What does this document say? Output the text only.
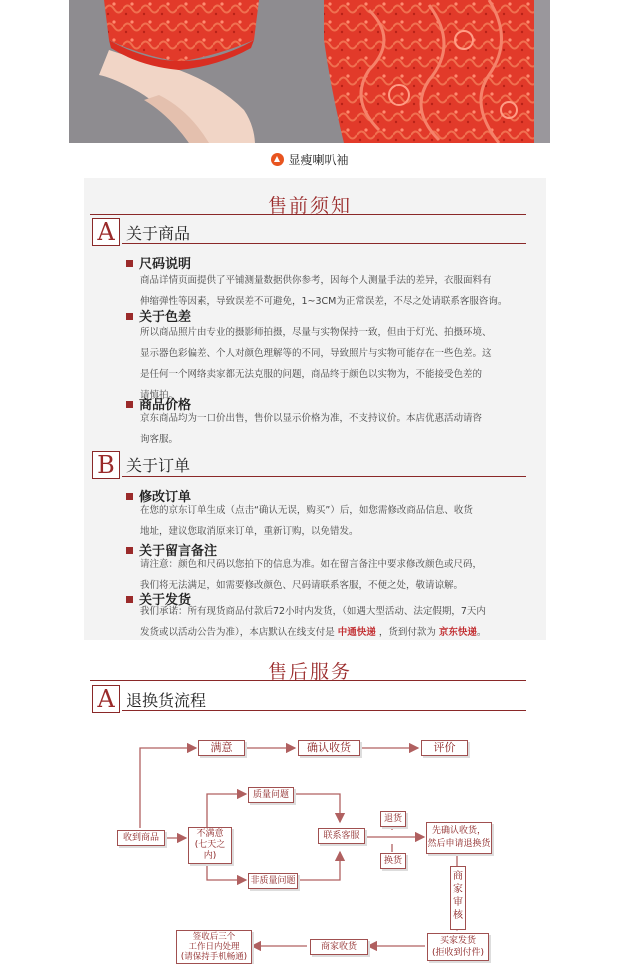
显瘦喇叭袖
售前须知
A 关于商品
尺码说明
商品详情页面提供了平铺测量数据供你参考，因每个人测量手法的差异，衣服面料有
伸缩弹性等因素，导致误差不可避免，1~3CM为正常误差，不尽之处请联系客服咨询。
关于色差
所以商品照片由专业的摄影师拍摄，尽量与实物保持一致，但由于灯光、拍摄环境、
显示器色彩偏差、个人对颜色理解等的不同，导致照片与实物可能存在一些色差。这
是任何一个网络卖家都无法克服的问题，商品终于颜色以实物为，不能接受色差的
请慎拍。
商品价格
京东商品均为一口价出售，售价以显示价格为准，不支持议价。本店优惠活动请咨
询客服。
B 关于订单
修改订单
在您的京东订单生成（点击“确认无误，购买”）后，如您需修改商品信息、收货
地址，建议您取消原来订单，重新订购，以免错发。
关于留言备注
请注意：颜色和尺码以您拍下的信息为准。如在留言备注中要求修改颜色或尺码，
我们将无法满足，如需要修改颜色、尺码请联系客服，不便之处，敬请谅解。
关于发货
我们承诺：所有现货商品付款后72小时内发货，（如遇大型活动、法定假期，7天内
发货或以活动公告为准），本店默认在线支付是 中通快递 ，货到付款为 京东快递。
售后服务
A 退换货流程
满意	确认收货	评价
收到商品	不满意
(七天之内)
质量问题
非质量问题
联系客服
退货
换货
先确认收货，
然后申请退换货
商家审核
买家发货
(拒收到付件)
商家收货
签收后三个
工作日内处理
(请保持手机畅通)
